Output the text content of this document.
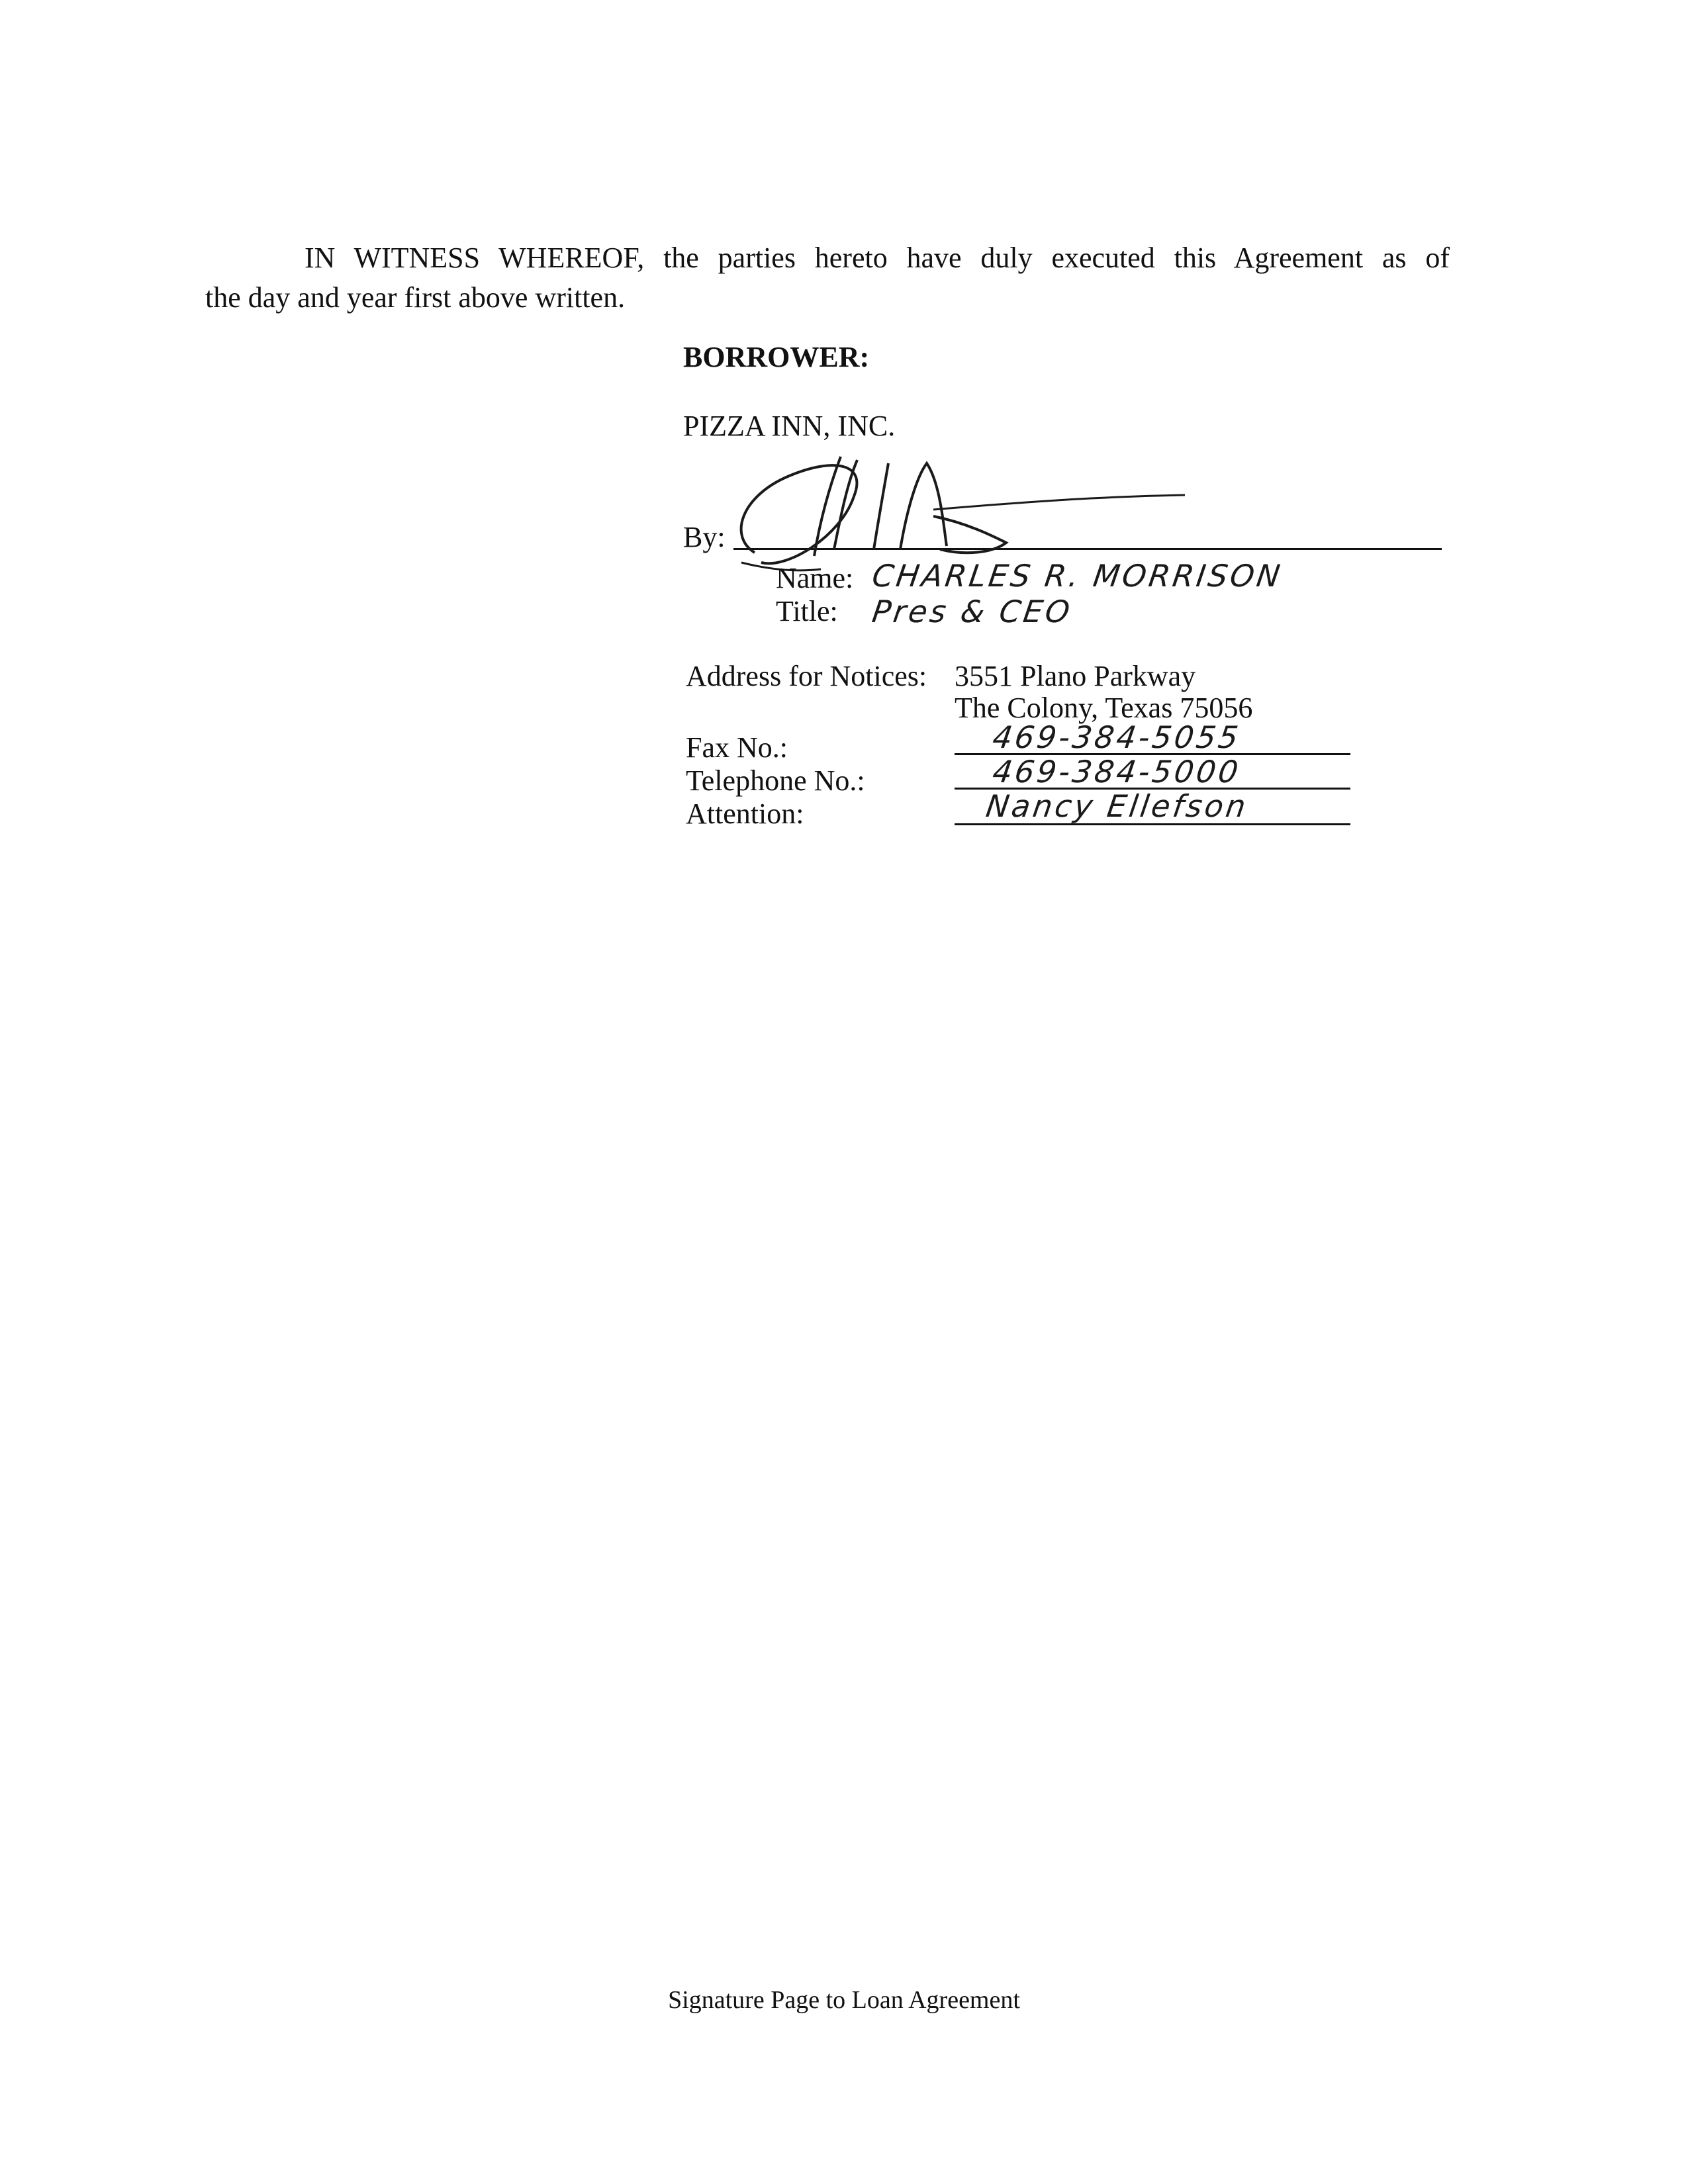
IN WITNESS WHEREOF, the parties hereto have duly executed this Agreement as of
the day and year first above written.
BORROWER:
PIZZA INN, INC.
By:
Name: CHARLES R. MORRISON
Title: Pres & CEO
Address for Notices: 3551 Plano Parkway
The Colony, Texas 75056
Fax No.:	469-384-5055
Telephone No.:	469-384-5000
Attention:	Nancy Ellefson
Signature Page to Loan Agreement
